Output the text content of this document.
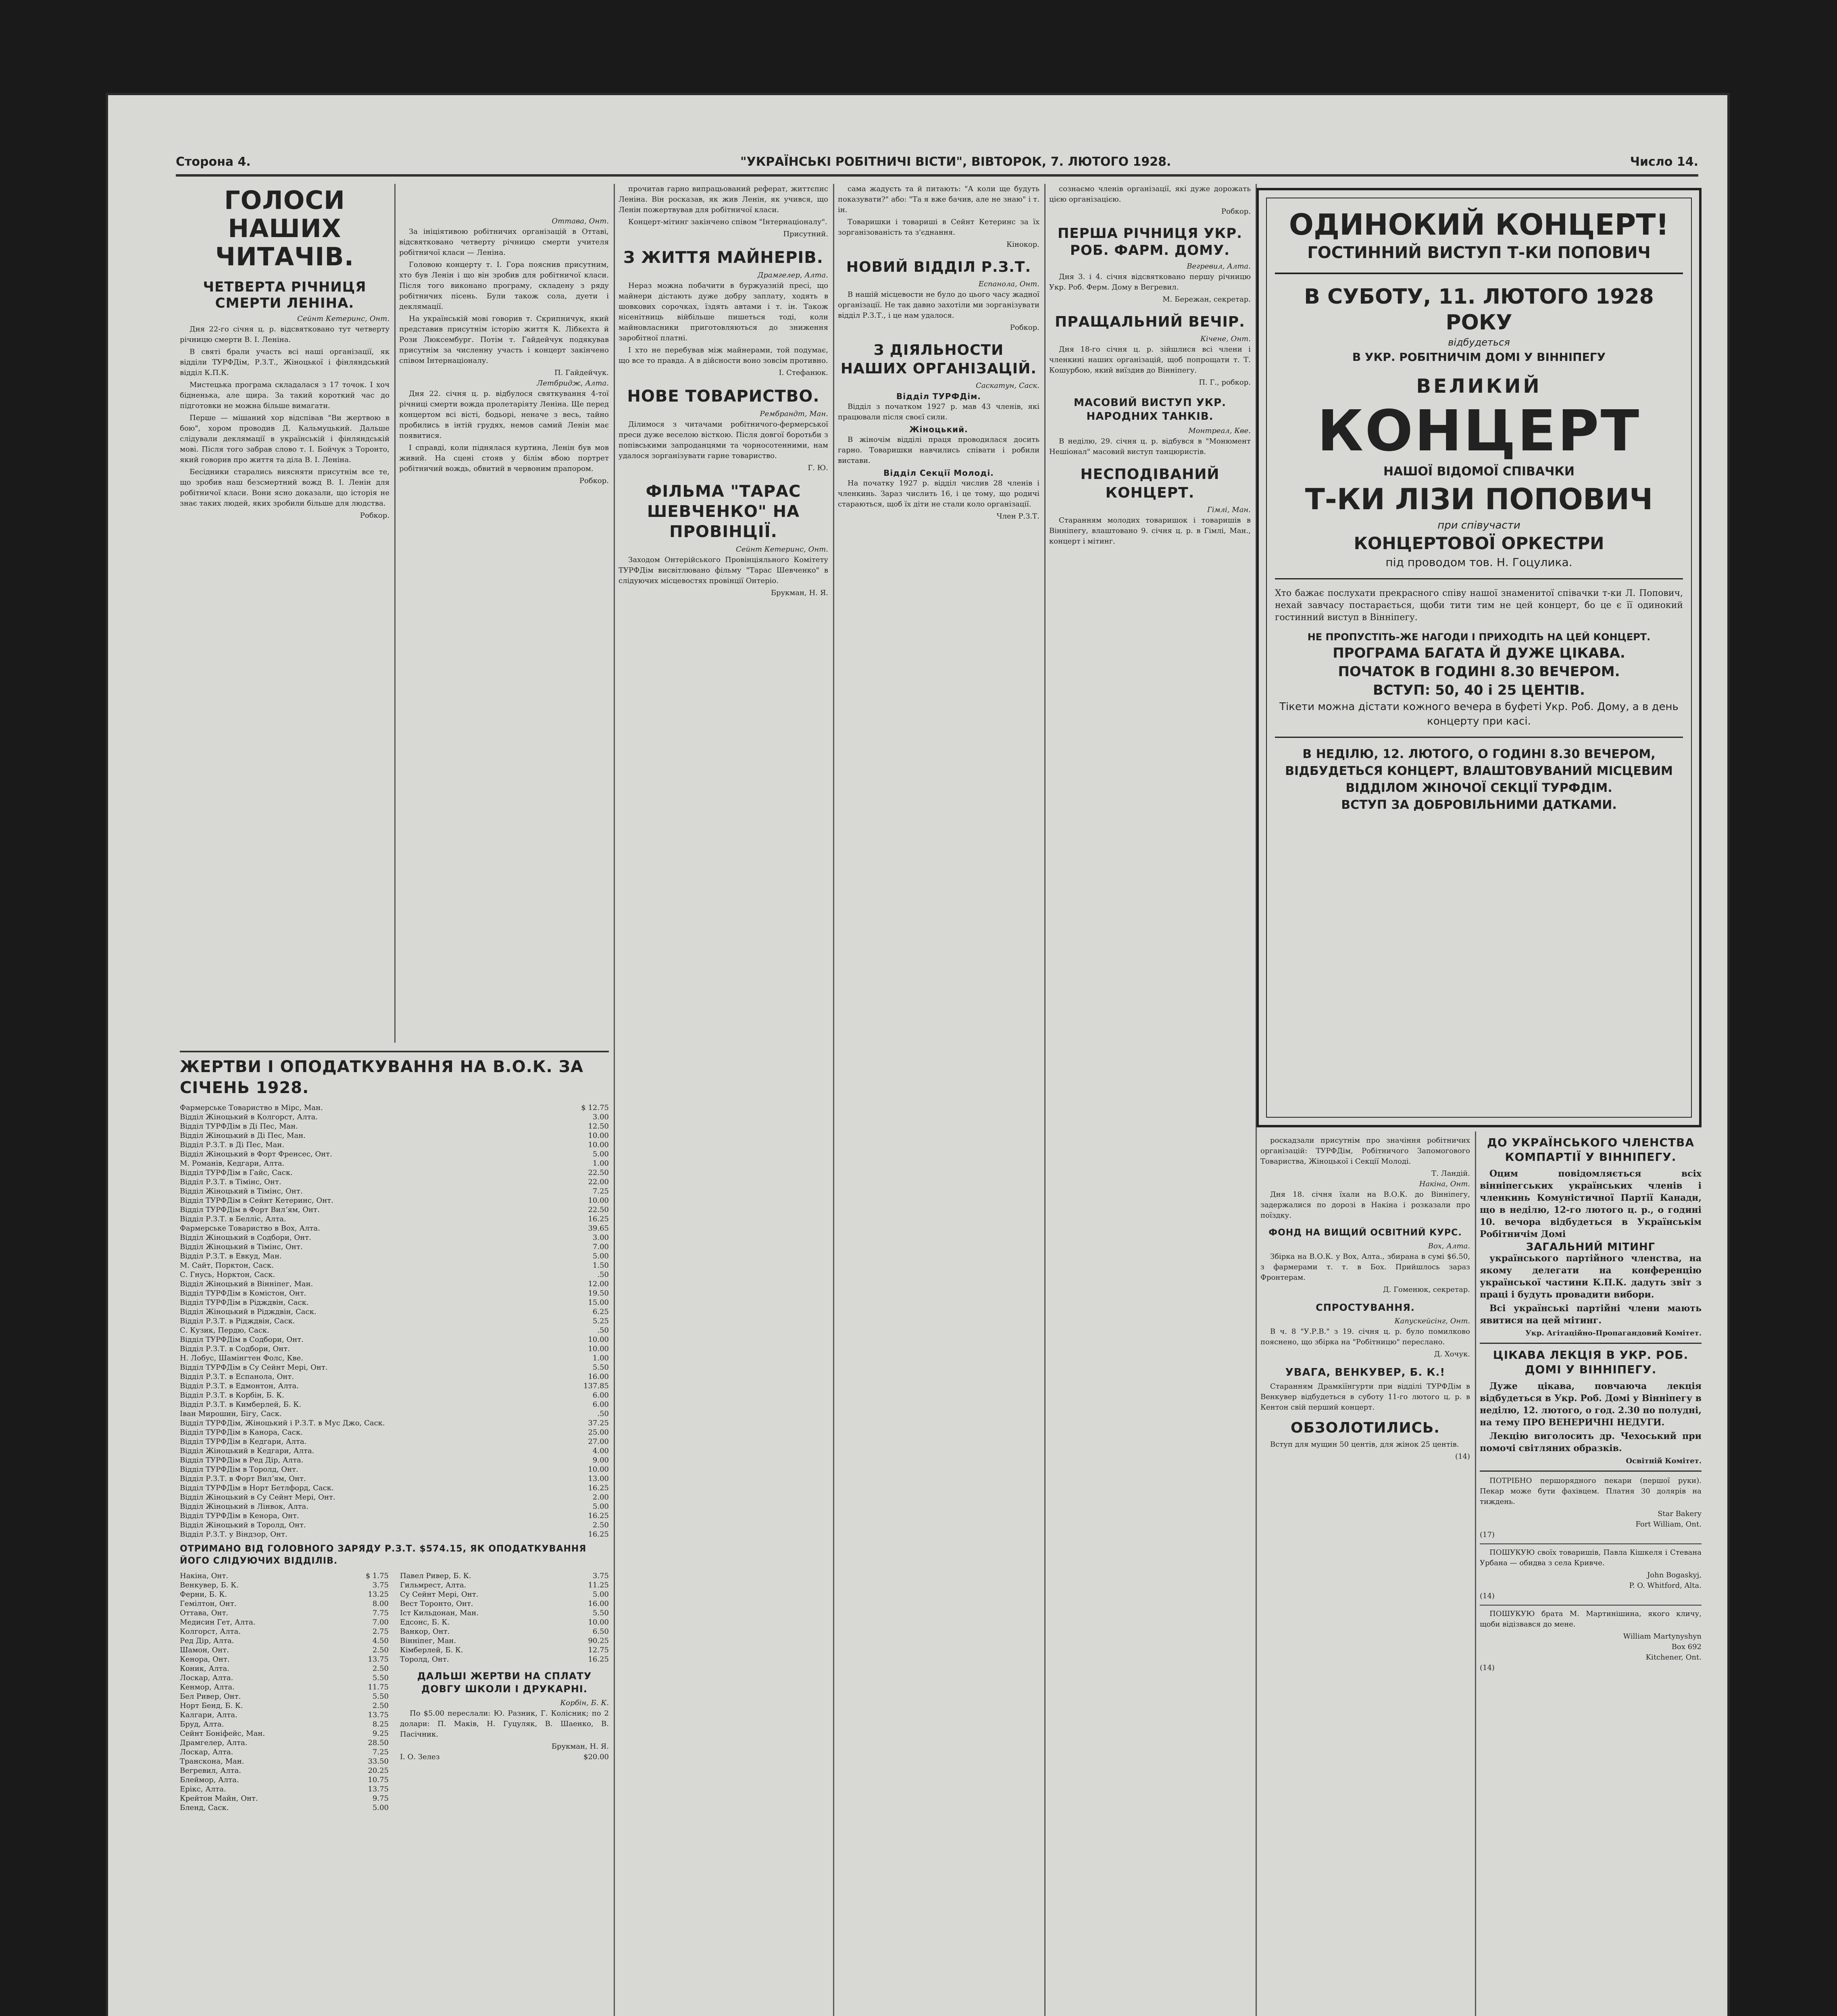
Сторона 4.	"УКРАЇНСЬКІ РОБІТНИЧІ ВІСТИ", ВІВТОРОК, 7. ЛЮТОГО 1928.	Число 14.
ГОЛОСИ НАШИХ ЧИТАЧІВ.
ЧЕТВЕРТА РІЧНИЦЯ СМЕРТИ ЛЕНІНА.
Сейнт Кетеринс, Онт.

Дня 22-го січня ц. р. відсвятковано тут четверту річницю смерти В. І. Леніна.

В святі брали участь всі наші організації, як відділи ТУРФДім, Р.З.Т., Жіноцької і фінляндський відділ К.П.К.

Мистецька програма складалася з 17 точок. І хоч бідненька, але щира. За такий короткий час до підготовки не можна більше вимагати.

Перше — мішаний хор відспівав "Ви жертвою в бою", хором проводив Д. Кальмуцький. Дальше слідували деклямації в українській і фінляндській мові. Після того забрав слово т. І. Бойчук з Торонто, який говорив про життя та діла В. І. Леніна.

Бесідники старались виясняти присутнім все те, що зробив наш безсмертний вожд В. І. Ленін для робітничої класи. Вони ясно доказали, що історія не знає таких людей, яких зробили більше для людства.

Робкор.
Оттава, Онт.

За ініціятивою робітничих організацій в Оттаві, відсвятковано четверту річницю смерти учителя робітничої класи — Леніна.

Головою концерту т. І. Гора пояснив присутним, хто був Ленін і що він зробив для робітничої класи. Після того виконано програму, складену з ряду робітничих пісень. Були також сола, дуети і деклямації.

На українській мові говорив т. Скрипничук, який представив присутнім історію життя К. Лібкехта й Рози Люксембург. Потім т. Гайдейчук подякував присутнім за численну участь і концерт закінчено співом Інтернаціоналу.

П. Гайдейчук.
Летбридж, Алта.

Дня 22. січня ц. р. відбулося святкування 4-тої річниці смерти вожда пролетаріяту Леніна. Ще перед концертом всі вісті, бодьорі, неначе з весь, тайно пробились в інтій грудях, немов самий Ленін має появитися.

І справді, коли піднялася куртина, Ленін був мов живий. На сцені стояв у білім вбою портрет робітничий вождь, обвитий в червоним прапором.

Робкор.

прочитав гарно випрацьований реферат, життєпис Леніна. Він росказав, як жив Ленін, як учився, що Ленін пожертвував для робітничої класи.

Концерт-мітинг закінчено співом "Інтернаціоналу".

Присутний.
З ЖИТТЯ МАЙНЕРІВ.
Драмгелер, Алта.

Нераз можна побачити в буржуазній пресі, що майнери дістають дуже добру заплату, ходять в шовкових сорочках, їздять автами і т. ін. Також нісенітниць війбільше пишеться тоді, коли майновласники приготовляються до зниження заробітної платні.

І хто не перебував між майнерами, той подумає, що все то правда. А в дійсности воно зовсім противно.

І. Стефанюк.
НОВЕ ТОВАРИСТВО.
Рембрандт, Ман.

Ділимося з читачами робітничого-фермерської преси дуже веселою вісткою. Після довгої боротьби з попівськими запроданцями та чорносотенними, нам удалося зорганізувати гарне товариство.

Г. Ю.
ФІЛЬМА "ТАРАС ШЕВЧЕНКО" НА ПРОВІНЦІЇ.
Сейнт Кетеринс, Онт.

Заходом Онтерійського Провінціяльного Комітету ТУРФДім висвітлювано фільму "Тарас Шевченко" в слідуючих місцевостях провінції Онтеріо.

Брукман, Н. Я.

сама жадуєть та й питають: "А коли ще будуть показувати?" або: "Та я вже бачив, але не знаю" і т. ін.

Товаришки і товариші в Сейнт Кетеринс за їх зорганізованість та з'єднання.

Кінокор.
НОВИЙ ВІДДІЛ Р.З.Т.
Еспанола, Онт.

В нашій місцевости не було до цього часу жадної організації. Не так давно захотіли ми зорганізувати відділ Р.З.Т., і це нам удалося.

Робкор.
З ДІЯЛЬНОСТИ НАШИХ ОРГАНІЗАЦІЙ.
Саскатун, Саск.
Відділ ТУРФДім.

Відділ з початком 1927 р. мав 43 членів, які працювали після своєї сили.

Жіноцький.

В жіночім відділі праця проводилася досить гарно. Товаришки навчились співати і робили вистави.

Відділ Секції Молоді.

На початку 1927 р. відділ числив 28 членів і членкинь. Зараз числить 16, і це тому, що родичі стараються, щоб їх діти не стали коло організації.

Член Р.З.Т.

сознаємо членів організації, які дуже дорожать цією організацією.

Робкор.
ПЕРША РІЧНИЦЯ УКР. РОБ. ФАРМ. ДОМУ.
Вегревил, Алта.

Дня 3. і 4. січня відсвятковано першу річницю Укр. Роб. Ферм. Дому в Вегревил.

М. Бережан, секретар.
ПРАЩАЛЬНИЙ ВЕЧІР.
Кічене, Онт.

Дня 18-го січня ц. р. зійшлися всі члени і членкині наших організацій, щоб попрощати т. Т. Кошурбою, який виїздив до Вінніпегу.

П. Г., робкор.
МАСОВИЙ ВИСТУП УКР. НАРОДНИХ ТАНКІВ.
Монтреал, Кве.

В неділю, 29. січня ц. р. відбувся в "Монюмент Нешіонал" масовий виступ танцюристів.

НЕСПОДІВАНИЙ КОНЦЕРТ.
Гімлі, Ман.

Старанням молодих товаришок і товаришів в Вінніпегу, влаштовано 9. січня ц. р. в Гімлі, Ман., концерт і мітинг.

ОДИНОКИЙ КОНЦЕРТ!
ГОСТИННИЙ ВИСТУП Т-КИ ПОПОВИЧ
В СУБОТУ, 11. ЛЮТОГО 1928 РОКУ
відбудеться
В УКР. РОБІТНИЧІМ ДОМІ У ВІННІПЕГУ
ВЕЛИКИЙ
КОНЦЕРТ
НАШОЇ ВІДОМОЇ СПІВАЧКИ
Т-КИ ЛІЗИ ПОПОВИЧ
при співучасти
КОНЦЕРТОВОЇ ОРКЕСТРИ
під проводом тов. Н. Гоцулика.
Хто бажає послухати прекрасного співу нашої знаменитої співачки т-ки Л. Попович, нехай завчасу постарається, щоби тити тим не цей концерт, бо це є її одинокий гостинний виступ в Вінніпегу.
НЕ ПРОПУСТІТЬ-ЖЕ НАГОДИ І ПРИХОДІТЬ НА ЦЕЙ КОНЦЕРТ.
ПРОГРАМА БАГАТА Й ДУЖЕ ЦІКАВА.
ПОЧАТОК В ГОДИНІ 8.30 ВЕЧЕРОМ.
ВСТУП: 50, 40 і 25 ЦЕНТІВ.
Тікети можна дістати кожного вечера в буфеті Укр. Роб. Дому, а в день концерту при касі.
В НЕДІЛЮ, 12. ЛЮТОГО, О ГОДИНІ 8.30 ВЕЧЕРОМ, ВІДБУДЕТЬСЯ КОНЦЕРТ, ВЛАШТОВУВАНИЙ МІСЦЕВИМ ВІДДІЛОМ ЖІНОЧОЇ СЕКЦІЇ ТУРФДІМ.
ВСТУП ЗА ДОБРОВІЛЬНИМИ ДАТКАМИ.

роскадзали присутнім про значіння робітничих організацій: ТУРФДім, Робітничого Запомогового Товариства, Жіноцької і Секції Молоді.

Т. Ландій.
Накіна, Онт.

Дня 18. січня їхали на В.О.К. до Вінніпегу, задержалися по дорозі в Накіна і розказали про поїздку.

ФОНД НА ВИЩИЙ ОСВІТНИЙ КУРС.
Вох, Алта.

Збірка на В.О.К. у Вох, Алта., збирана в сумі $6.50, з фармерами т. т. в Бох. Прийшлось зараз Фронтерам.

Д. Гоменюк, секретар.
СПРОСТУВАННЯ.
Капускейсінг, Онт.

В ч. 8 "У.Р.В." з 19. січня ц. р. було помилково пояснено, що збірка на "Робітницю" переслано.

Д. Хочук.
УВАГА, ВЕНКУВЕР, Б. К.!

Старанням Драмкіїнгурти при відділі ТУРФДім в Венкувер відбудеться в суботу 11-го лютого ц. р. в Кентон свій перший концерт.

ОБЗОЛОТИЛИСЬ.

Вступ для мущин 50 центів, для жінок 25 центів.

(14)
ДО УКРАЇНСЬКОГО ЧЛЕНСТВА КОМПАРТІЇ У ВІННІПЕГУ.

Оцим повідомляється всіх вінніпегських українських членів і членкинь Комуністичної Партії Канади, що в неділю, 12-го лютого ц. р., о годині 10. вечора відбудеться в Українськім Робітничім Домі

ЗАГАЛЬНИЙ МІТИНГ

українського партійного членства, на якому делегати на конференцію української частини К.П.К. дадуть звіт з праці і будуть провадити вибори.

Всі українські партійні члени мають явитися на цей мітинг.

Укр. Агітаційно-Пропагандовий Комітет.
ЦІКАВА ЛЕКЦІЯ В УКР. РОБ. ДОМІ У ВІННІПЕГУ.

Дуже цікава, повчаюча лекція відбудеться в Укр. Роб. Домі у Вінніпегу в неділю, 12. лютого, о год. 2.30 по полудні, на тему ПРО ВЕНЕРИЧНІ НЕДУГИ.

Лекцію виголосить др. Чехоський при помочі світляних образків.

Освітній Комітет.

ПОТРІБНО першорядного пекари (першої руки). Пекар може бути фахівцем. Платня 30 долярів на тиждень.

Star Bakery
Fort William, Ont.
(17)

ПОШУКУЮ своїх товаришів, Павла Кішкеля і Стевана Урбана — обидва з села Кривче.

John Bogaskyj,
P. O. Whitford, Alta.
(14)

ПОШУКУЮ брата М. Мартинішина, якого кличу, щоби відізвався до мене.

William Martynyshyn
Box 692
Kitchener, Ont.
(14)
ЖЕРТВИ І ОПОДАТКУВАННЯ НА В.О.К. ЗА СІЧЕНЬ 1928.
Фармерське Товариство в Мірс, Ман.	$ 12.75
Відділ Жіноцький в Колгорст, Алта.	3.00
Відділ ТУРФДім в Ді Пес, Ман.	12.50
Відділ Жіноцький в Ді Пес, Ман.	10.00
Відділ Р.З.Т. в Ді Пес, Ман.	10.00
Відділ Жіноцький в Форт Френсес, Онт.	5.00
М. Романів, Кедгари, Алта.	1.00
Відділ ТУРФДім в Гайс, Саск.	22.50
Відділ Р.З.Т. в Тімінс, Онт.	22.00
Відділ Жіноцький в Тімінс, Онт.	7.25
Відділ ТУРФДім в Сейнт Кетеринс, Онт.	10.00
Відділ ТУРФДім в Форт Вилʼям, Онт.	22.50
Відділ Р.З.Т. в Белліс, Алта.	16.25
Фармерське Товариство в Вох, Алта.	39.65
Відділ Жіноцький в Содбори, Онт.	3.00
Відділ Жіноцький в Тімінс, Онт.	7.00
Відділ Р.З.Т. в Евкуд, Ман.	5.00
М. Сайт, Порктон, Саск.	1.50
С. Гнусь, Норктон, Саск.	.50
Відділ Жіноцький в Вінніпег, Ман.	12.00
Відділ ТУРФДім в Комістон, Онт.	19.50
Відділ ТУРФДім в Рідждвін, Саск.	15.00
Відділ Жіноцький в Рідждвін, Саск.	6.25
Відділ Р.З.Т. в Рідждвін, Саск.	5.25
С. Кузик, Пердю, Саск.	.50
Відділ ТУРФДім в Содбори, Онт.	10.00
Відділ Р.З.Т. в Содбори, Онт.	10.00
Н. Лобус, Шамінгтен Фолс, Кве.	1.00
Відділ ТУРФДім в Су Сейнт Мері, Онт.	5.50
Відділ Р.З.Т. в Еспанола, Онт.	16.00
Відділ Р.З.Т. в Едмонтон, Алта.	137.85
Відділ Р.З.Т. в Корбін, Б. К.	6.00
Відділ Р.З.Т. в Кимберлей, Б. К.	6.00
Іван Мирошин, Бігу, Саск.	.50
Відділ ТУРФДім, Жіноцький і Р.З.Т. в Мус Джо, Саск.	37.25
Відділ ТУРФДім в Канора, Саск.	25.00
Відділ ТУРФДім в Кедгари, Алта.	27.00
Відділ Жіноцький в Кедгари, Алта.	4.00
Відділ ТУРФДім в Ред Дір, Алта.	9.00
Відділ ТУРФДім в Торолд, Онт.	10.00
Відділ Р.З.Т. в Форт Вилʼям, Онт.	13.00
Відділ ТУРФДім в Норт Бетлфорд, Саск.	16.25
Відділ Жіноцький в Су Сейнт Мері, Онт.	2.00
Відділ Жіноцький в Лінвок, Алта.	5.00
Відділ ТУРФДім в Кенора, Онт.	16.25
Відділ Жіноцький в Торолд, Онт.	2.50
Відділ Р.З.Т. у Віндзор, Онт.	16.25
ОТРИМАНО ВІД ГОЛОВНОГО ЗАРЯДУ Р.З.Т. $574.15, ЯК ОПОДАТКУВАННЯ ЙОГО СЛІДУЮЧИХ ВІДДІЛІВ.
Накіна, Онт.	$ 1.75
Венкувер, Б. К.	3.75
Ферни, Б. К.	13.25
Гемілтон, Онт.	8.00
Оттава, Онт.	7.75
Медисин Гет, Алта.	7.00
Колгорст, Алта.	2.75
Ред Дір, Алта.	4.50
Шамон, Онт.	2.50
Кенора, Онт.	13.75
Коник, Алта.	2.50
Лоскар, Алта.	5.50
Кенмор, Алта.	11.75
Бел Ривер, Онт.	5.50
Норт Бенд, Б. К.	2.50
Калгари, Алта.	13.75
Бруд, Алта.	8.25
Сейнт Боніфейс, Ман.	9.25
Драмгелер, Алта.	28.50
Лоскар, Алта.	7.25
Транскона, Ман.	33.50
Вегревил, Алта.	20.25
Блеймор, Алта.	10.75
Ерікс, Алта.	13.75
Крейтон Майн, Онт.	9.75
Бленд, Саск.	5.00
Павел Ривер, Б. К.	3.75
Гильмрест, Алта.	11.25
Су Сейнт Мері, Онт.	5.00
Вест Торонто, Онт.	16.00
Іст Кильдонан, Ман.	5.50
Едсонс, Б. К.	10.00
Ванкор, Онт.	6.50
Вінніпег, Ман.	90.25
Кімберлей, Б. К.	12.75
Торолд, Онт.	16.25
ДАЛЬШІ ЖЕРТВИ НА СПЛАТУ ДОВГУ ШКОЛИ І ДРУКАРНІ.
Корбін, Б. К.

По $5.00 переслали: Ю. Разник, Г. Колісник; по 2 долари: П. Маків, Н. Гуцуляк, В. Шаенко, В. Пасічник.

Брукман, Н. Я.
І. О. Зелез	$20.00
